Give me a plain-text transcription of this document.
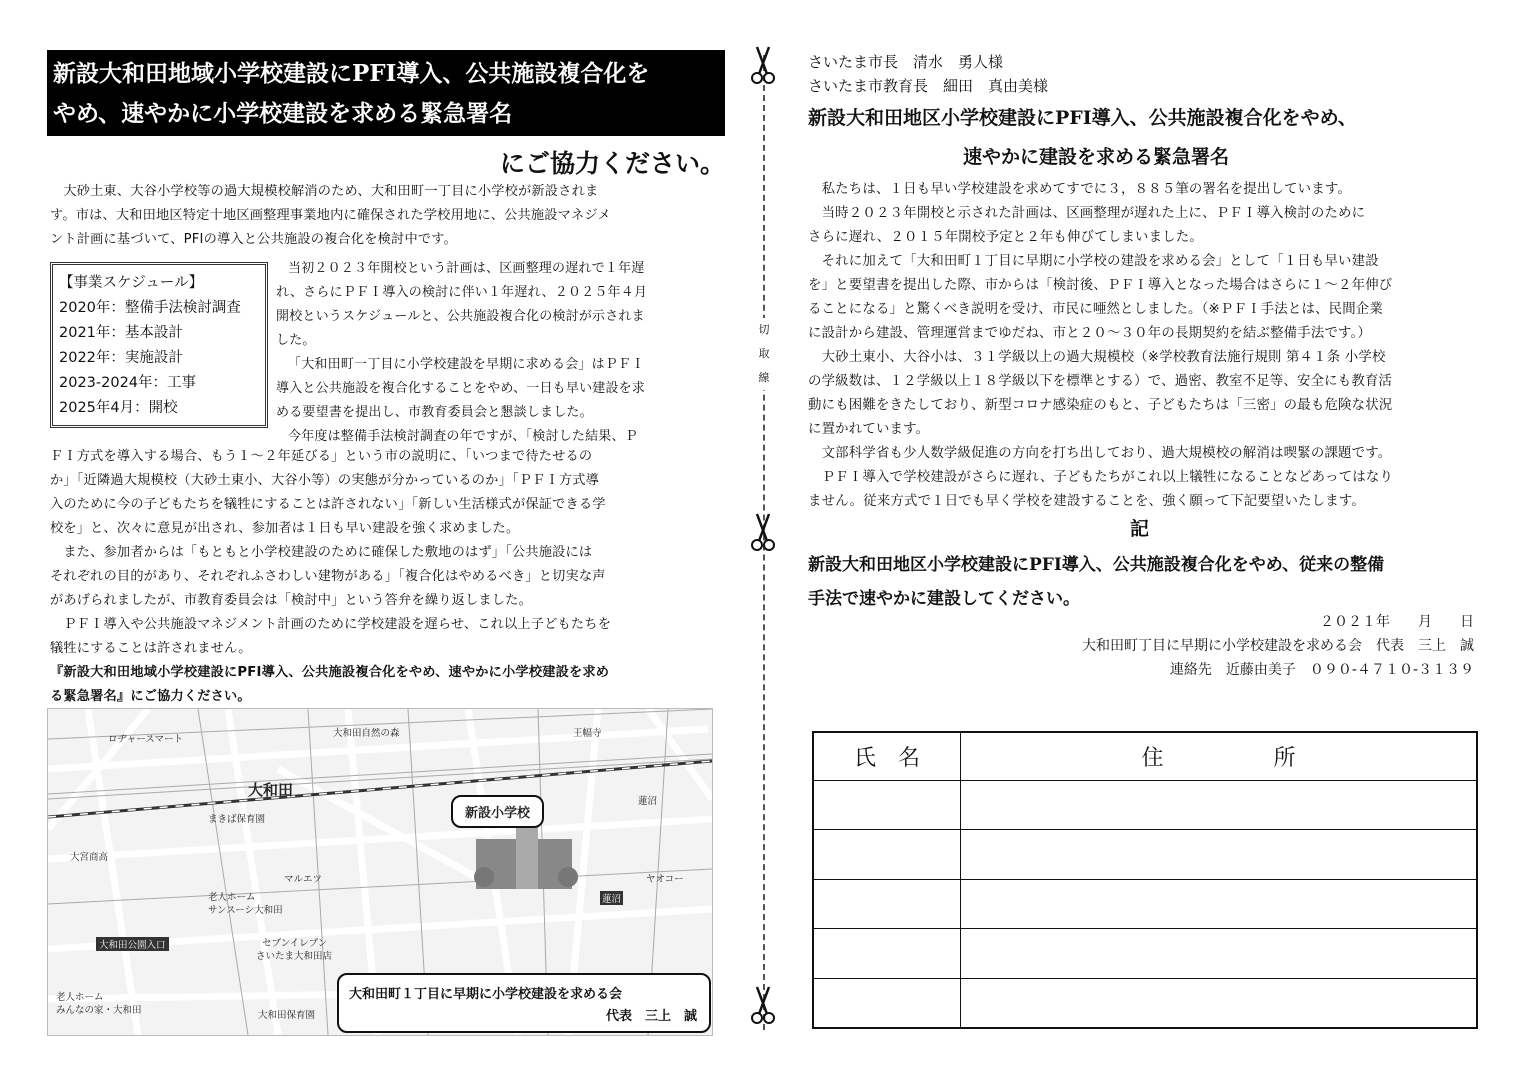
新設大和田地域小学校建設にPFI導入、公共施設複合化を
やめ、速やかに小学校建設を求める緊急署名
にご協力ください。
　大砂土東、大谷小学校等の過大規模校解消のため、大和田町一丁目に小学校が新設されま
す。市は、大和田地区特定十地区画整理事業地内に確保された学校用地に、公共施設マネジメ
ント計画に基づいて、PFIの導入と公共施設の複合化を検討中です。
【事業スケジュール】
2020年：整備手法検討調査
2021年：基本設計
2022年：実施設計
2023-2024年：工事
2025年4月：開校
当初２０２３年開校という計画は、区画整理の遅れで１年遅
れ、さらにＰＦＩ導入の検討に伴い１年遅れ、２０２５年４月
開校というスケジュールと、公共施設複合化の検討が示されま
した。
「大和田町一丁目に小学校建設を早期に求める会」はＰＦＩ
導入と公共施設を複合化することをやめ、一日も早い建設を求
める要望書を提出し、市教育委員会と懇談しました。
今年度は整備手法検討調査の年ですが、「検討した結果、Ｐ
ＦＩ方式を導入する場合、もう１～２年延びる」という市の説明に、「いつまで待たせるの
か」「近隣過大規模校（大砂土東小、大谷小等）の実態が分かっているのか」「ＰＦＩ方式導
入のために今の子どもたちを犠牲にすることは許されない」「新しい生活様式が保証できる学
校を」と、次々に意見が出され、参加者は１日も早い建設を強く求めました。
　また、参加者からは「もともと小学校建設のために確保した敷地のはず」「公共施設には
それぞれの目的があり、それぞれふさわしい建物がある」「複合化はやめるべき」と切実な声
があげられましたが、市教育委員会は「検討中」という答弁を繰り返しました。
　ＰＦＩ導入や公共施設マネジメント計画のために学校建設を遅らせ、これ以上子どもたちを
犠牲にすることは許されません。
『新設大和田地域小学校建設にPFI導入、公共施設複合化をやめ、速やかに小学校建設を求め
る緊急署名』にご協力ください。
ロヂャースマート
大和田自然の森	王幅寺
大和田
新設小学校
まきば保育園
大宮商高
蓮沼
マルエツ	ヤオコー
老人ホーム
サンスーシ大和田
蓮沼
セブンイレブン
さいたま大和田店
大和田公園入口
老人ホーム
みんなの家・大和田	大和田保育園
大和田町１丁目に早期に小学校建設を求める会
代表　三上　誠
切
取
線
さいたま市長　清水　勇人様
さいたま市教育長　細田　真由美様
新設大和田地区小学校建設にPFI導入、公共施設複合化をやめ、
速やかに建設を求める緊急署名
　私たちは、１日も早い学校建設を求めてすでに３，８８５筆の署名を提出しています。
　当時２０２３年開校と示された計画は、区画整理が遅れた上に、ＰＦＩ導入検討のために
さらに遅れ、２０１５年開校予定と２年も伸びてしまいました。
　それに加えて「大和田町１丁目に早期に小学校の建設を求める会」として「１日も早い建設
を」と要望書を提出した際、市からは「検討後、ＰＦＩ導入となった場合はさらに１～２年伸び
ることになる」と驚くべき説明を受け、市民に唖然としました。（※ＰＦＩ手法とは、民間企業
に設計から建設、管理運営までゆだね、市と２０～３０年の長期契約を結ぶ整備手法です。）
　大砂土東小、大谷小は、３１学級以上の過大規模校（※学校教育法施行規則 第４１条 小学校
の学級数は、１２学級以上１８学級以下を標準とする）で、過密、教室不足等、安全にも教育活
動にも困難をきたしており、新型コロナ感染症のもと、子どもたちは「三密」の最も危険な状況
に置かれています。
　文部科学省も少人数学級促進の方向を打ち出しており、過大規模校の解消は喫緊の課題です。
　ＰＦＩ導入で学校建設がさらに遅れ、子どもたちがこれ以上犠牲になることなどあってはなり
ません。従来方式で１日でも早く学校を建設することを、強く願って下記要望いたします。
記
新設大和田地区小学校建設にPFI導入、公共施設複合化をやめ、従来の整備
手法で速やかに建設してください。
２０２１年　　月　　日
大和田町丁目に早期に小学校建設を求める会　代表　三上　誠
連絡先　近藤由美子　０９０-４７１０-３１３９
氏　名	住　　　　　所
